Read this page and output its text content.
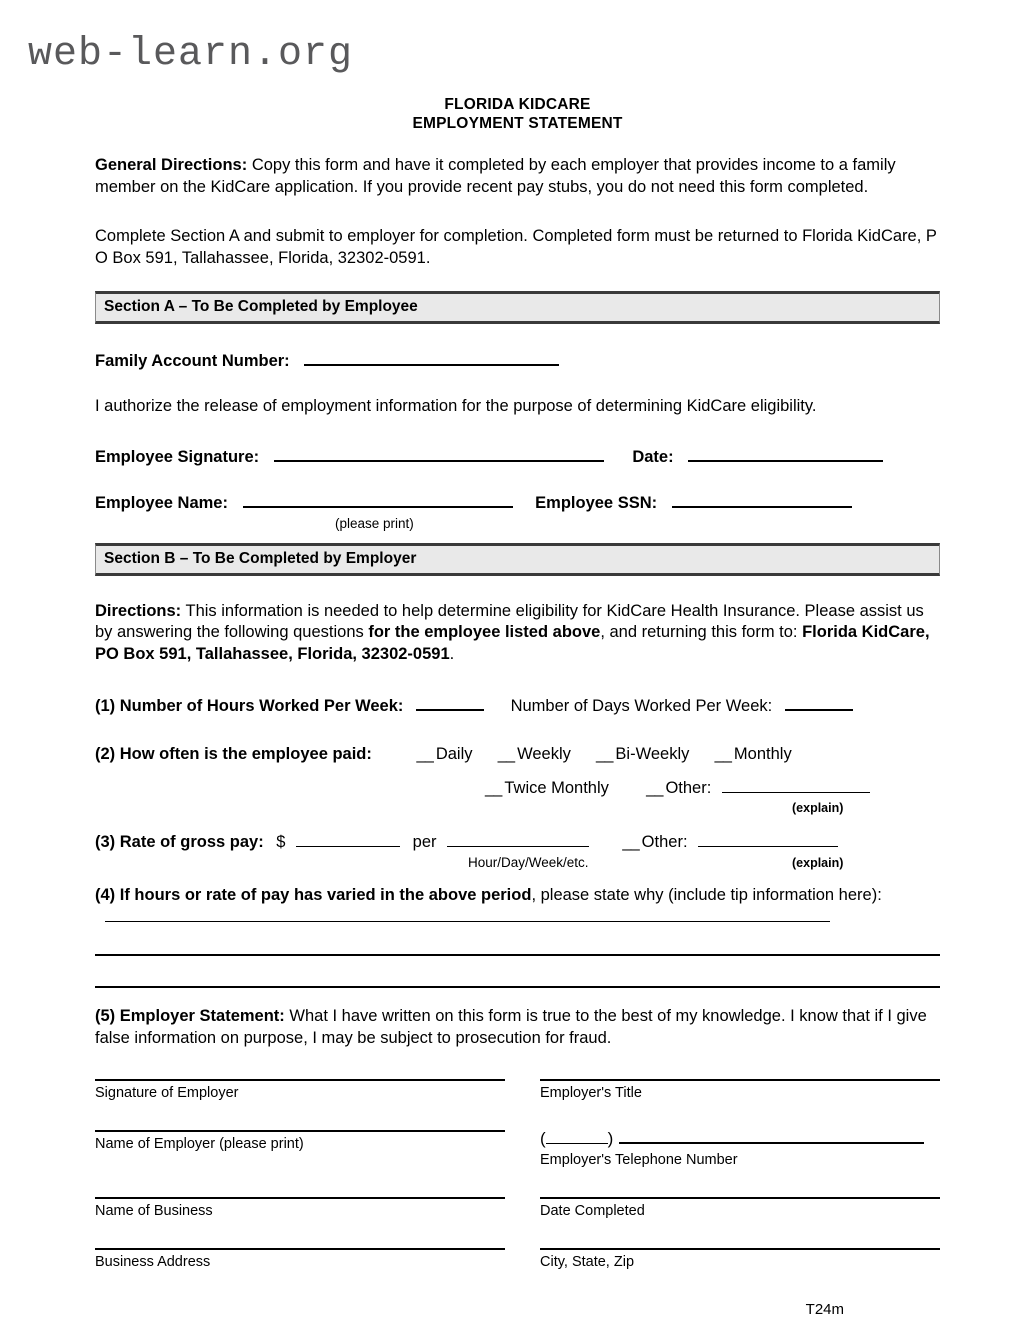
web-learn.org
FLORIDA KIDCARE
EMPLOYMENT STATEMENT
General Directions: Copy this form and have it completed by each employer that provides income to a family member on the KidCare application. If you provide recent pay stubs, you do not need this form completed.
Complete Section A and submit to employer for completion. Completed form must be returned to Florida KidCare, P O Box 591, Tallahassee, Florida, 32302-0591.
Section A – To Be Completed by Employee
Family Account Number:
I authorize the release of employment information for the purpose of determining KidCare eligibility.
Employee Signature:	Date:
Employee Name:	Employee SSN:
(please print)
Section B – To Be Completed by Employer
Directions: This information is needed to help determine eligibility for KidCare Health Insurance. Please assist us by answering the following questions for the employee listed above, and returning this form to: Florida KidCare, PO Box 591, Tallahassee, Florida, 32302-0591.
(1) Number of Hours Worked Per Week:	Number of Days Worked Per Week:
(2) How often is the employee paid:	__ Daily __ Weekly __ Bi-Weekly __ Monthly
__ Twice Monthly __ Other:
(explain)
(3) Rate of gross pay: $	per	__ Other:
Hour/Day/Week/etc.	(explain)
(4) If hours or rate of pay has varied in the above period, please state why (include tip information here):
(5) Employer Statement: What I have written on this form is true to the best of my knowledge. I know that if I give false information on purpose, I may be subject to prosecution for fraud.
Signature of Employer	Employer's Title
Name of Employer (please print)	(	)
Employer's Telephone Number
Name of Business	Date Completed
Business Address	City, State, Zip
T24m
